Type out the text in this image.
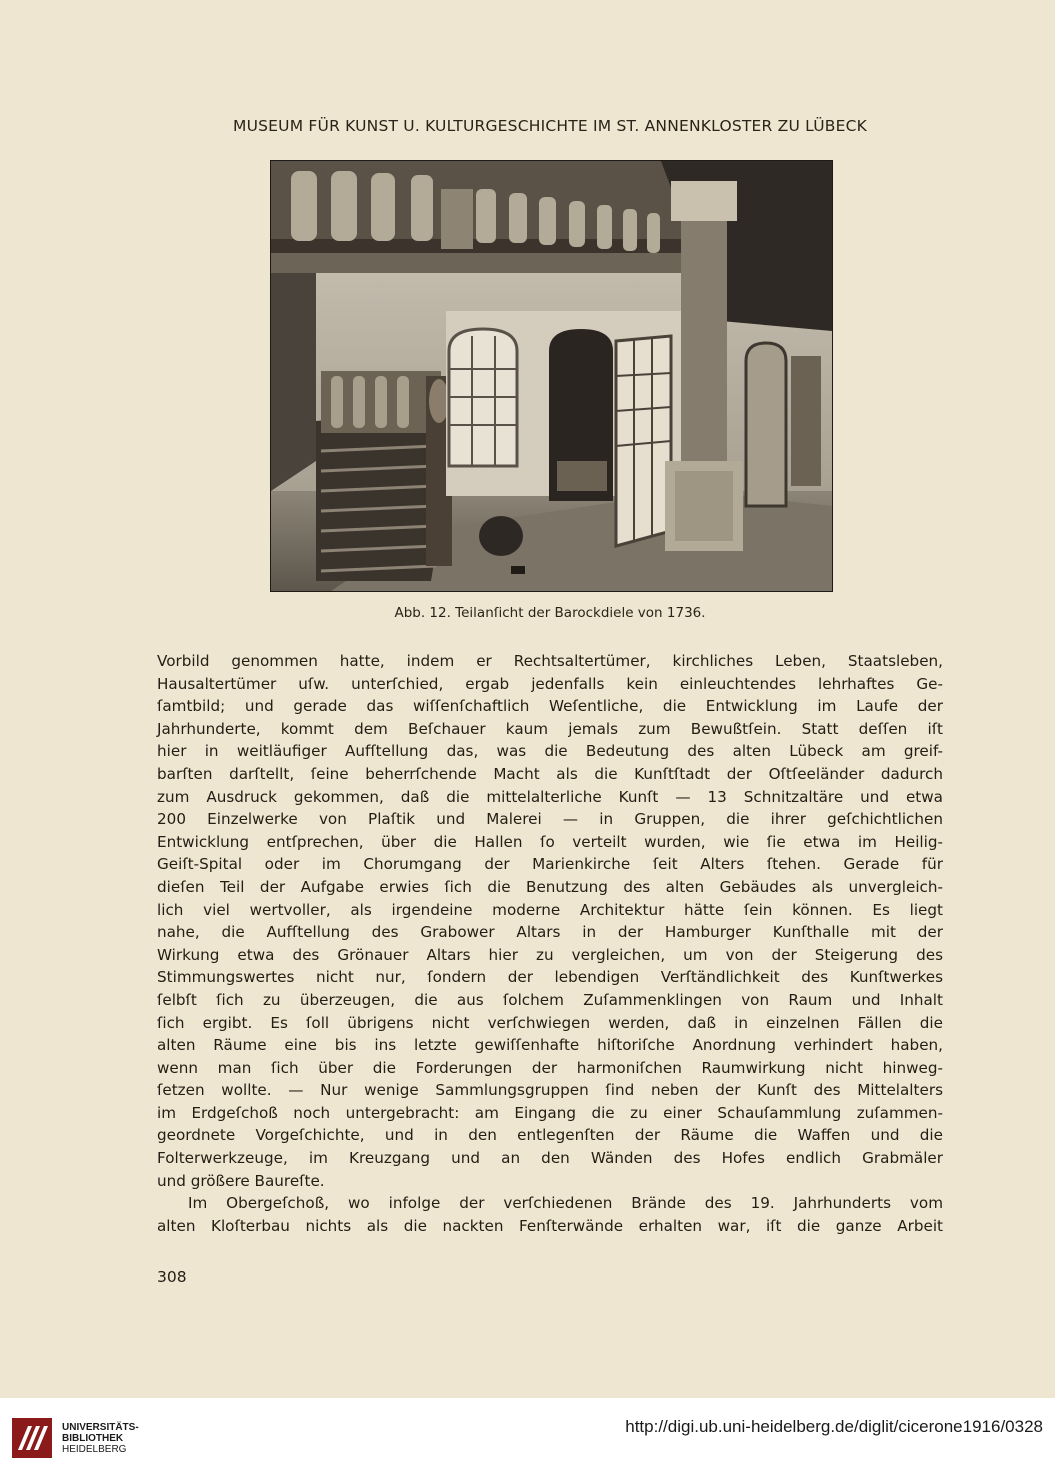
MUSEUM FÜR KUNST U. KULTURGESCHICHTE IM ST. ANNENKLOSTER ZU LÜBECK
Abb. 12. Teilanſicht der Barockdiele von 1736.
Vorbild genommen hatte, indem er Rechtsaltertümer, kirchliches Leben, Staatsleben,
Hausaltertümer uſw. unterſchied, ergab jedenfalls kein einleuchtendes lehrhaftes Ge-
ſamtbild; und gerade das wiſſenſchaftlich Weſentliche, die Entwicklung im Laufe der
Jahrhunderte, kommt dem Beſchauer kaum jemals zum Bewußtſein. Statt deſſen iſt
hier in weitläufiger Aufſtellung das, was die Bedeutung des alten Lübeck am greif-
barſten darſtellt, ſeine beherrſchende Macht als die Kunſtſtadt der Oſtſeeländer dadurch
zum Ausdruck gekommen, daß die mittelalterliche Kunſt — 13 Schnitzaltäre und etwa
200 Einzelwerke von Plaſtik und Malerei — in Gruppen, die ihrer geſchichtlichen
Entwicklung entſprechen, über die Hallen ſo verteilt wurden, wie ſie etwa im Heilig-
Geiſt-Spital oder im Chorumgang der Marienkirche ſeit Alters ſtehen. Gerade für
dieſen Teil der Aufgabe erwies ſich die Benutzung des alten Gebäudes als unvergleich-
lich viel wertvoller, als irgendeine moderne Architektur hätte ſein können. Es liegt
nahe, die Aufſtellung des Grabower Altars in der Hamburger Kunſthalle mit der
Wirkung etwa des Grönauer Altars hier zu vergleichen, um von der Steigerung des
Stimmungswertes nicht nur, ſondern der lebendigen Verſtändlichkeit des Kunſtwerkes
ſelbſt ſich zu überzeugen, die aus ſolchem Zuſammenklingen von Raum und Inhalt
ſich ergibt. Es ſoll übrigens nicht verſchwiegen werden, daß in einzelnen Fällen die
alten Räume eine bis ins letzte gewiſſenhafte hiſtoriſche Anordnung verhindert haben,
wenn man ſich über die Forderungen der harmoniſchen Raumwirkung nicht hinweg-
ſetzen wollte. — Nur wenige Sammlungsgruppen ſind neben der Kunſt des Mittelalters
im Erdgeſchoß noch untergebracht: am Eingang die zu einer Schauſammlung zuſammen-
geordnete Vorgeſchichte, und in den entlegenſten der Räume die Waffen und die
Folterwerkzeuge, im Kreuzgang und an den Wänden des Hofes endlich Grabmäler
und größere Baureſte.
Im Obergeſchoß, wo infolge der verſchiedenen Brände des 19. Jahrhunderts vom
alten Kloſterbau nichts als die nackten Fenſterwände erhalten war, iſt die ganze Arbeit
308
UNIVERSITÄTS-
BIBLIOTHEK
HEIDELBERG
http://digi.ub.uni-heidelberg.de/diglit/cicerone1916/0328
